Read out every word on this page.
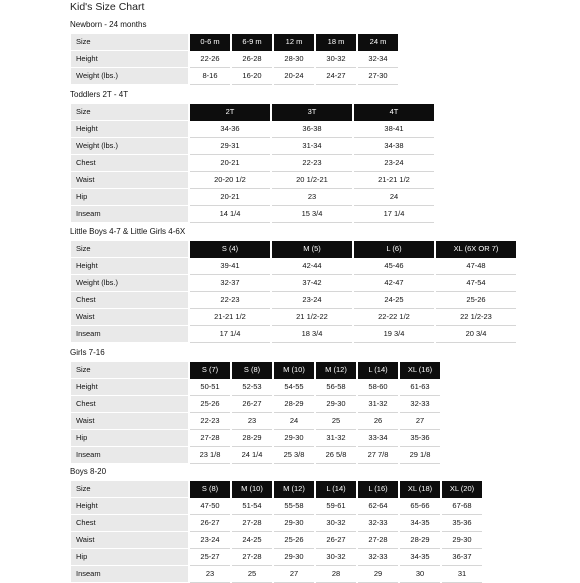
Kid's Size Chart
Newborn - 24 months
Size	0-6 m	6-9 m	12 m	18 m	24 m
Height	22-26	26-28	28-30	30-32	32-34
Weight (lbs.)	8-16	16-20	20-24	24-27	27-30
Toddlers 2T - 4T
Size	2T	3T	4T
Height	34-36	36-38	38-41
Weight (lbs.)	29-31	31-34	34-38
Chest	20-21	22-23	23-24
Waist	20-20 1/2	20 1/2-21	21-21 1/2
Hip	20-21	23	24
Inseam	14 1/4	15 3/4	17 1/4
Little Boys 4-7 & Little Girls 4-6X
Size	S (4)	M (5)	L (6)	XL (6X OR 7)
Height	39-41	42-44	45-46	47-48
Weight (lbs.)	32-37	37-42	42-47	47-54
Chest	22-23	23-24	24-25	25-26
Waist	21-21 1/2	21 1/2-22	22-22 1/2	22 1/2-23
Inseam	17 1/4	18 3/4	19 3/4	20 3/4
Girls 7-16
Size	S (7)	S (8)	M (10)	M (12)	L (14)	XL (16)
Height	50-51	52-53	54-55	56-58	58-60	61-63
Chest	25-26	26-27	28-29	29-30	31-32	32-33
Waist	22-23	23	24	25	26	27
Hip	27-28	28-29	29-30	31-32	33-34	35-36
Inseam	23 1/8	24 1/4	25 3/8	26 5/8	27 7/8	29 1/8
Boys 8-20
Size	S (8)	M (10)	M (12)	L (14)	L (16)	XL (18)	XL (20)
Height	47-50	51-54	55-58	59-61	62-64	65-66	67-68
Chest	26-27	27-28	29-30	30-32	32-33	34-35	35-36
Waist	23-24	24-25	25-26	26-27	27-28	28-29	29-30
Hip	25-27	27-28	29-30	30-32	32-33	34-35	36-37
Inseam	23	25	27	28	29	30	31
